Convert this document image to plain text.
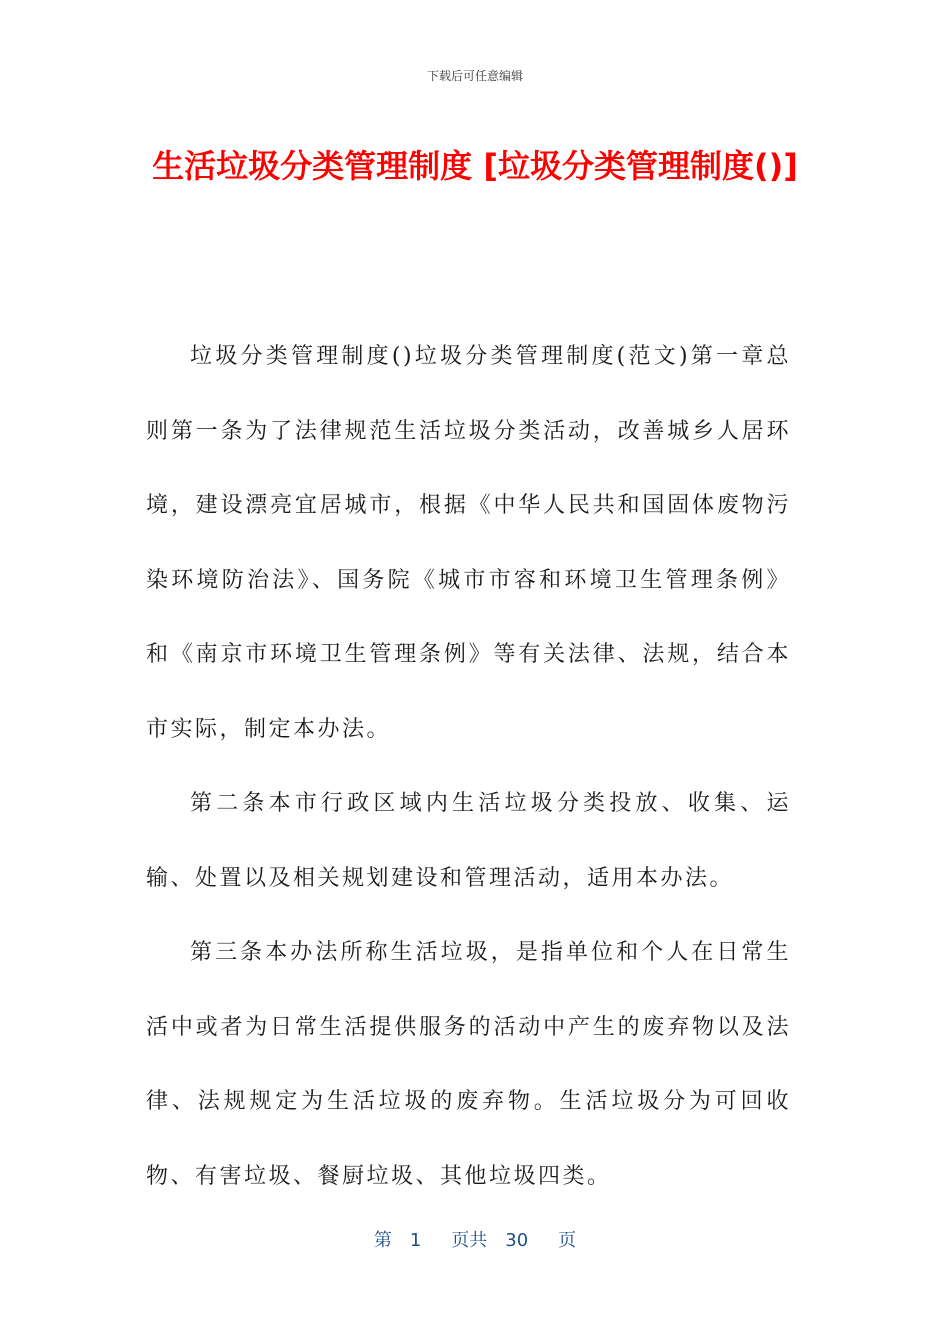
下载后可任意编辑
生活垃圾分类管理制度 [垃圾分类管理制度()]

垃圾分类管理制度()垃圾分类管理制度(范文)第一章总则第一条为了法律规范生活垃圾分类活动，改善城乡人居环境，建设漂亮宜居城市，根据《中华人民共和国固体废物污染环境防治法》、国务院《城市市容和环境卫生管理条例》和《南京市环境卫生管理条例》等有关法律、法规，结合本市实际，制定本办法。

第二条本市行政区域内生活垃圾分类投放、收集、运输、处置以及相关规划建设和管理活动，适用本办法。

第三条本办法所称生活垃圾，是指单位和个人在日常生活中或者为日常生活提供服务的活动中产生的废弃物以及法律、法规规定为生活垃圾的废弃物。生活垃圾分为可回收物、有害垃圾、餐厨垃圾、其他垃圾四类。

第 1 页共 30 页
